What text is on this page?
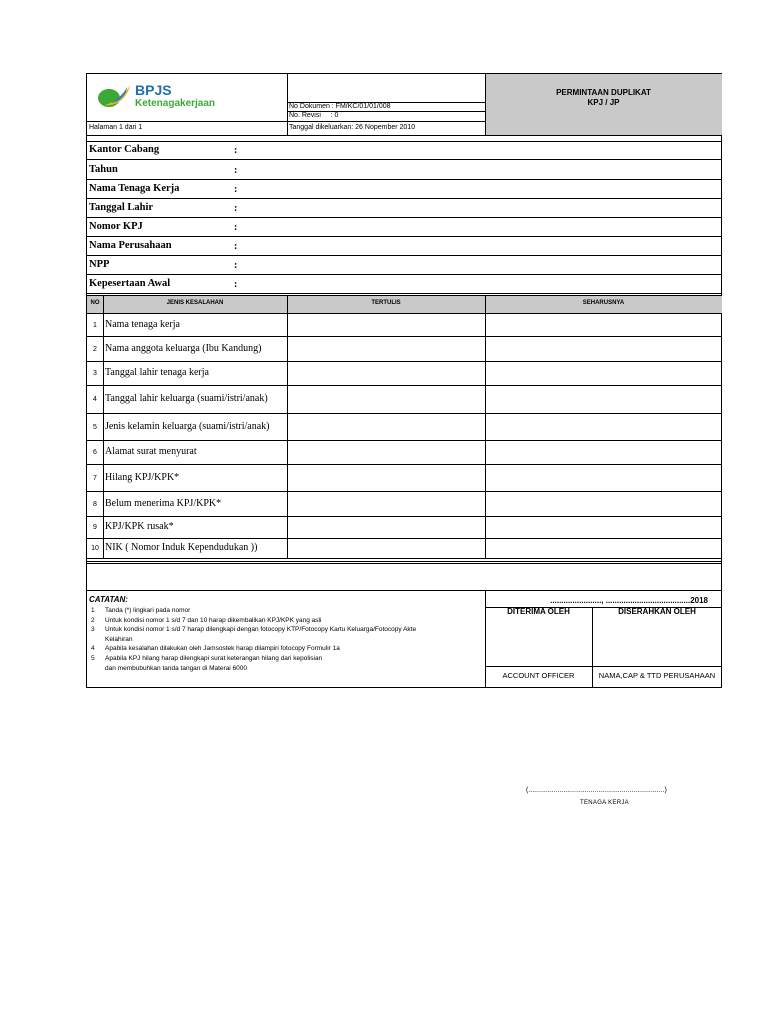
BPJS
Ketenagakerjaan
Halaman 1 dari 1
No Dokumen : FM/KC/01/01/008
No. Revisi     : 0
Tanggal dikeluarkan: 26 Nopember 2010
PERMINTAAN DUPLIKAT
KPJ / JP
Kantor Cabang	:
Tahun	:
Nama Tenaga Kerja	:
Tanggal Lahir	:
Nomor KPJ	:
Nama Perusahaan	:
NPP	:
Kepesertaan Awal	:
NO	JENIS KESALAHAN	TERTULIS	SEHARUSNYA
1 Nama tenaga kerja
2 Nama anggota keluarga (Ibu Kandung)
3 Tanggal lahir tenaga kerja
4 Tanggal lahir keluarga (suami/istri/anak)
5 Jenis kelamin keluarga (suami/istri/anak)
6 Alamat surat menyurat
7 Hilang KPJ/KPK*
8 Belum menerima KPJ/KPK*
9 KPJ/KPK rusak*
10 NIK ( Nomor Induk Kependudukan ))
CATATAN:
1 Tanda (*) lingkari pada nomor
2 Untuk kondisi nomor 1 s/d 7 dan 10 harap dikembalikan KPJ/KPK yang asli
3 Untuk kondisi nomor 1 s/d 7 harap dilengkapi dengan fotocopy KTP/Fotocopy Kartu Keluarga/Fotocopy Akte
Kelahiran
4 Apabila kesalahan dilakukan oleh Jamsostek harap dilampiri fotocopy Formulir 1a
5 Apabila KPJ hilang harap dilengkapi surat keterangan hilang dari kepolisian
dan membubuhkan tanda tangan di Materai 6000
......................., ......................................2018
DITERIMA OLEH	DISERAHKAN OLEH
ACCOUNT OFFICER	NAMA,CAP & TTD PERUSAHAAN
(......................................................................)
TENAGA KERJA
